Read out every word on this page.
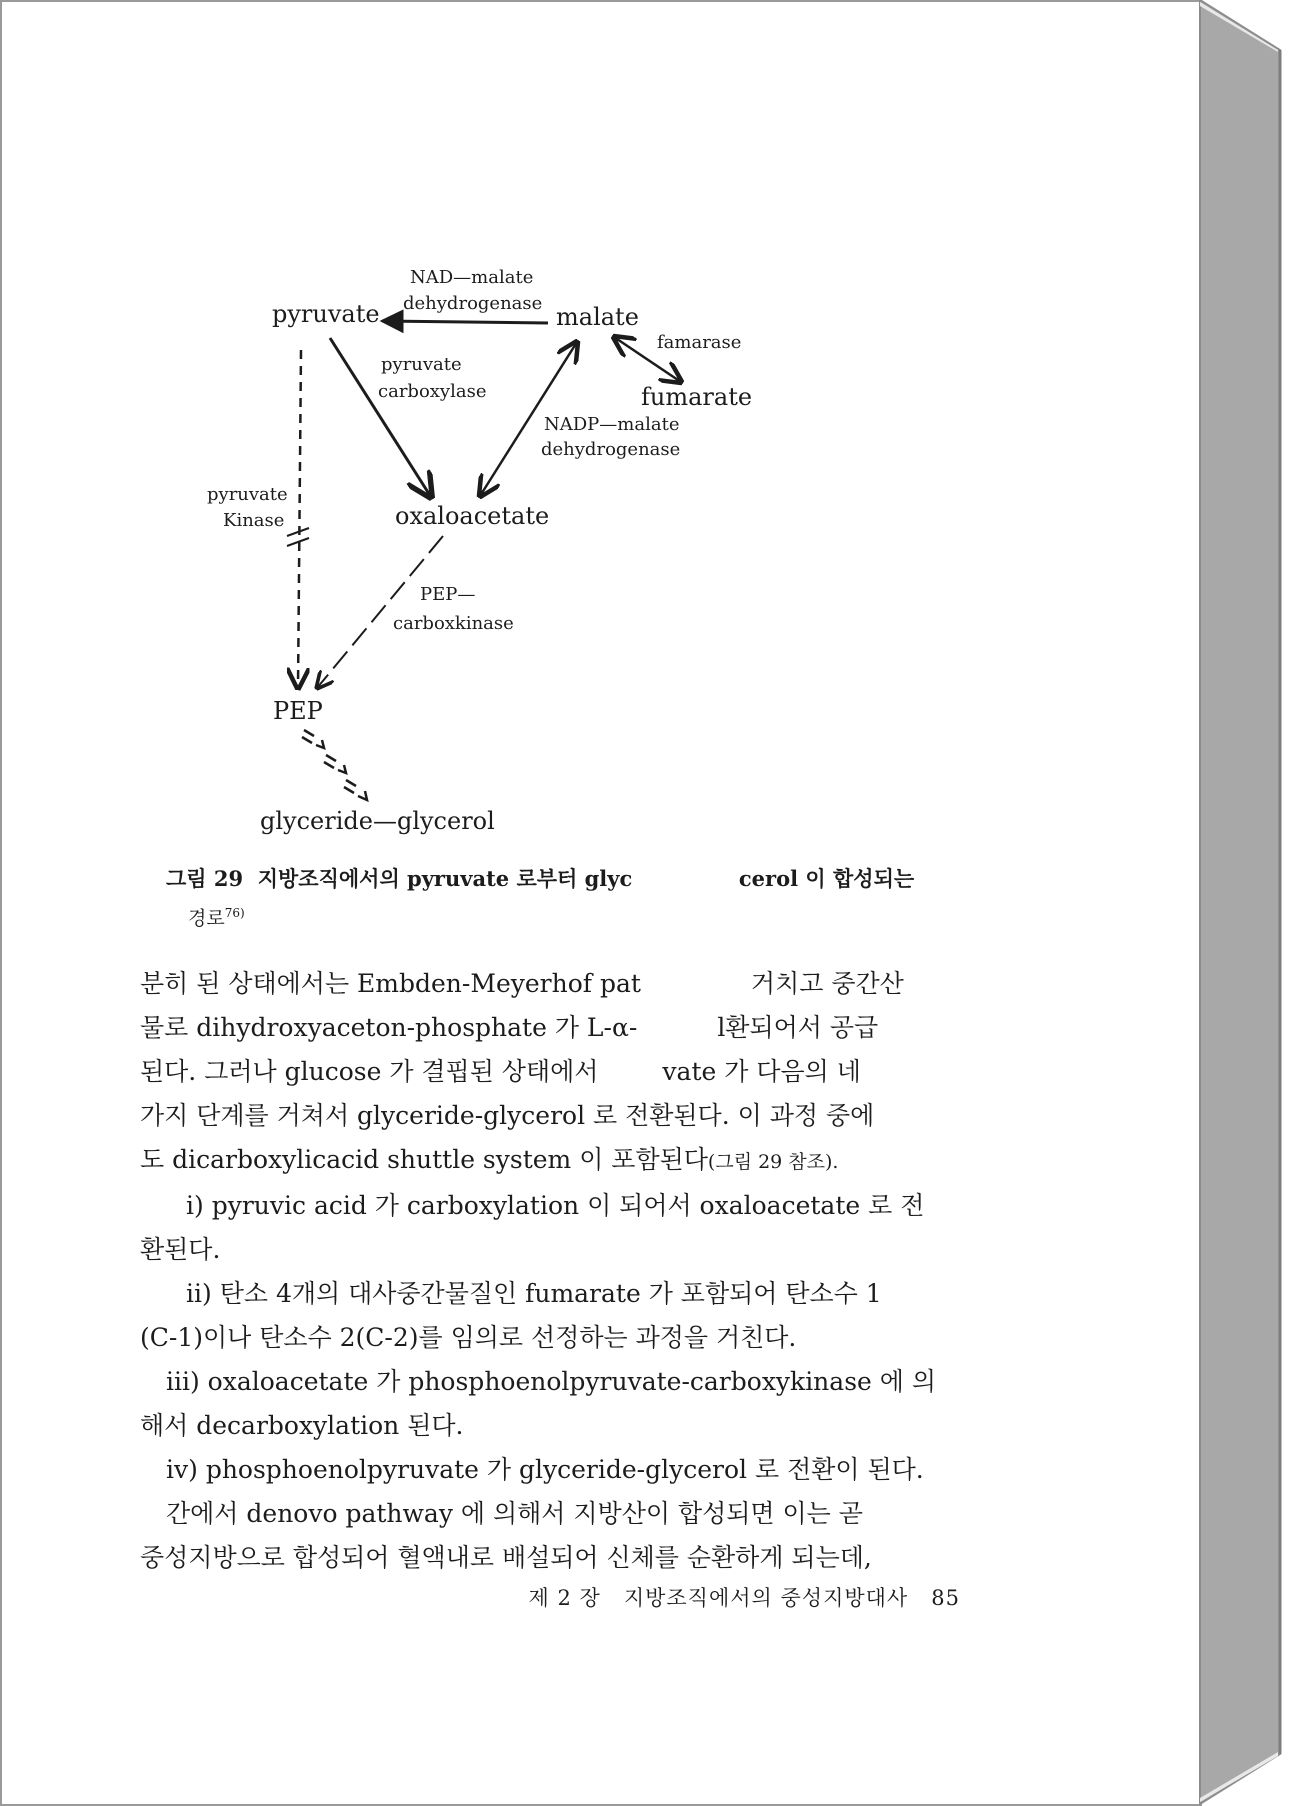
pyruvate	malate
fumarate
oxaloacetate
PEP
glyceride—glycerol
NAD—malate
dehydrogenase
famarase
pyruvate
carboxylase
NADP—malate
dehydrogenase
pyruvate
Kinase
PEP—
carboxkinase
그림 29 지방조직에서의 pyruvate 로부터 glyc	cerol 이 합성되는
경로$^{76)}$

분히 된 상태에서는 Embden-Meyerhof pat	거치고 중간산

물로 dihydroxyaceton-phosphate 가 L-α-	l환되어서 공급

된다. 그러나 glucose 가 결핍된 상태에서	vate 가 다음의 네

가지 단계를 거쳐서 glyceride-glycerol 로 전환된다. 이 과정 중에

도 dicarboxylicacid shuttle system 이 포함된다(그림 29 참조).

i) pyruvic acid 가 carboxylation 이 되어서 oxaloacetate 로 전

환된다.

ii) 탄소 4개의 대사중간물질인 fumarate 가 포함되어 탄소수 1

(C-1)이나 탄소수 2(C-2)를 임의로 선정하는 과정을 거친다.

iii) oxaloacetate 가 phosphoenolpyruvate-carboxykinase 에 의

해서 decarboxylation 된다.

iv) phosphoenolpyruvate 가 glyceride-glycerol 로 전환이 된다.

간에서 denovo pathway 에 의해서 지방산이 합성되면 이는 곧

중성지방으로 합성되어 혈액내로 배설되어 신체를 순환하게 되는데,

제 2 장 지방조직에서의 중성지방대사 85
